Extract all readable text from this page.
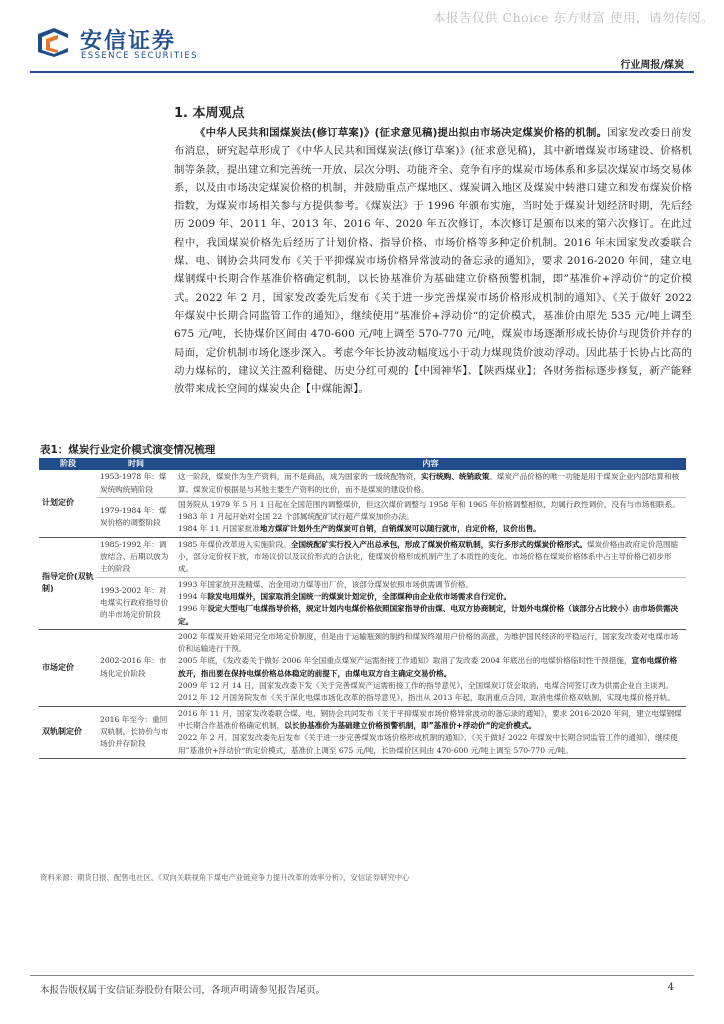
本报告仅供 Choice 东方财富 使用，请勿传阅。
安信证券
ESSENCE SECURITIES
行业周报/煤炭
1. 本周观点
《中华人民共和国煤炭法(修订草案)》(征求意见稿)提出拟由市场决定煤炭价格的机制。国家发改委日前发布消息，研究起草形成了《中华人民共和国煤炭法(修订草案)》(征求意见稿)，其中新增煤炭市场建设、价格机制等条款，提出建立和完善统一开放、层次分明、功能齐全、竞争有序的煤炭市场体系和多层次煤炭市场交易体系，以及由市场决定煤炭价格的机制，并鼓励重点产煤地区、煤炭调入地区及煤炭中转港口建立和发布煤炭价格指数，为煤炭市场相关参与方提供参考。《煤炭法》于 1996 年颁布实施，当时处于煤炭计划经济时期，先后经历 2009 年、2011 年、2013 年、2016 年、2020 年五次修订，本次修订是颁布以来的第六次修订。在此过程中，我国煤炭价格先后经历了计划价格、指导价格、市场价格等多种定价机制。2016 年末国家发改委联合煤、电、钢协会共同发布《关于平抑煤炭市场价格异常波动的备忘录的通知》，要求 2016-2020 年间，建立电煤钢煤中长期合作基准价格确定机制，以长协基准价为基础建立价格预警机制，即”基准价+浮动价“的定价模式。2022 年 2 月，国家发改委先后发布《关于进一步完善煤炭市场价格形成机制的通知》、《关于做好 2022 年煤炭中长期合同监管工作的通知》，继续使用”基准价+浮动价“的定价模式，基准价由原先 535 元/吨上调至 675 元/吨，长协煤价区间由 470-600 元/吨上调至 570-770 元/吨，煤炭市场逐渐形成长协价与现货价并存的局面，定价机制市场化逐步深入。考虑今年长协波动幅度远小于动力煤现货价波动浮动。因此基于长协占比高的动力煤标的，建议关注盈利稳健、历史分红可观的【中国神华】、【陕西煤业】；各财务指标逐步修复，新产能释放带来成长空间的煤炭央企【中煤能源】。
表1：煤炭行业定价模式演变情况梳理
阶段	时间	内容
计划定价	1953-1978 年：煤炭统购统销阶段	这一阶段，煤炭作为生产资料，而不是商品，成为国家的一级统配物资，实行统购、统销政策。煤炭产品价格的唯一功能是用于煤炭企业内部结算和核算。煤炭定价根据是与其他主要生产资料的比价，而不是煤炭的建设价格。

	1979-1984 年：煤炭价格的调整阶段	国务院从 1979 年 5 月 1 日起在全国范围内调整煤价，但这次煤价调整与 1958 年和 1965 年价格调整相似，均属行政性调价，没有与市场相联系。
1983 年 1 月起开始对全国 22 个部属统配矿试行超产煤炭加价办法。
1984 年 11 月国家批准地方煤矿计划外生产的煤炭可自销，自销煤炭可以随行就市，自定价格，议价出售。

指导定价(双轨制)	1985-1992 年：调放结合、后期以放为主的阶段	1985 年煤价改革进入实施阶段。全国统配矿实行投入产出总承包，形成了煤炭价格双轨制，实行多形式的煤炭价格形式。煤炭价格由政府定价范围缩小，部分定价权下放，市场议价以及议价形式的合法化，使煤炭价格形成机制产生了本质性的变化。市场价格在煤炭价格体系中占主导价格已初步形成。

	1993-2002 年：对电煤实行政府指导价的半市场定价阶段	1993 年国家放开洗精煤、冶金用动力煤等出厂价，该部分煤炭依照市场供需调节价格。
1994 年除发电用煤外，国家取消全国统一的煤炭计划定价，全部煤种由企业依市场需求自行定价。
1996 年设定大型电厂电煤指导价格，规定计划内电煤价格依照国家指导价由煤、电双方协商制定，计划外电煤价格（该部分占比较小）由市场供需决定。

市场定价	2002-2016 年：市场化定价阶段	2002 年煤炭开始采用完全市场定价制度，但是由于运输瓶颈的制约和煤炭终端用户价格的高涨，为维护国民经济的平稳运行，国家发改委对电煤市场价和运输进行干预。
2005 年底，《发改委关于做好 2006 年全国重点煤炭产运需衔接工作通知》取消了发改委 2004 年底出台的电煤价格临时性干预措施，宣布电煤价格放开，指出要在保持电煤价格总体稳定的前提下，由煤电双方自主确定交易价格。
2009 年 12 月 14 日，国家发改委下发《关于完善煤炭产运需衔接工作的指导意见》，全国煤炭订货会取消，电煤合同签订改为供需企业自主谈判。
2012 年 12 月国务院发布《关于深化电煤市场化改革的指导意见》，指出从 2013 年起，取消重点合同，取消电煤价格双轨制，实现电煤价格并轨。

双轨制定价	2016 年至今：重回双轨制，长协价与市场价并存阶段	2016 年 11 月，国家发改委联合煤、电、钢协会共同发布《关于平抑煤炭市场价格异常波动的备忘录的通知》，要求 2016-2020 年间，建立电煤钢煤中长期合作基准价格确定机制，以长协基准价为基础建立价格预警机制，即”基准价+浮动价“的定价模式。
2022 年 2 月，国家发改委先后发布《关于进一步完善煤炭市场价格形成机制的通知》、《关于做好 2022 年煤炭中长期合同监管工作的通知》，继续使用”基准价+浮动价“的定价模式，基准价上调至 675 元/吨，长协煤价区间由 470-600 元/吨上调至 570-770 元/吨。
资料来源：期货日报、配售电社区、《双向关联视角下煤电产业链竞争力提升改革的效率分析》，安信证券研究中心
本报告版权属于安信证券股份有限公司，各项声明请参见报告尾页。	4
